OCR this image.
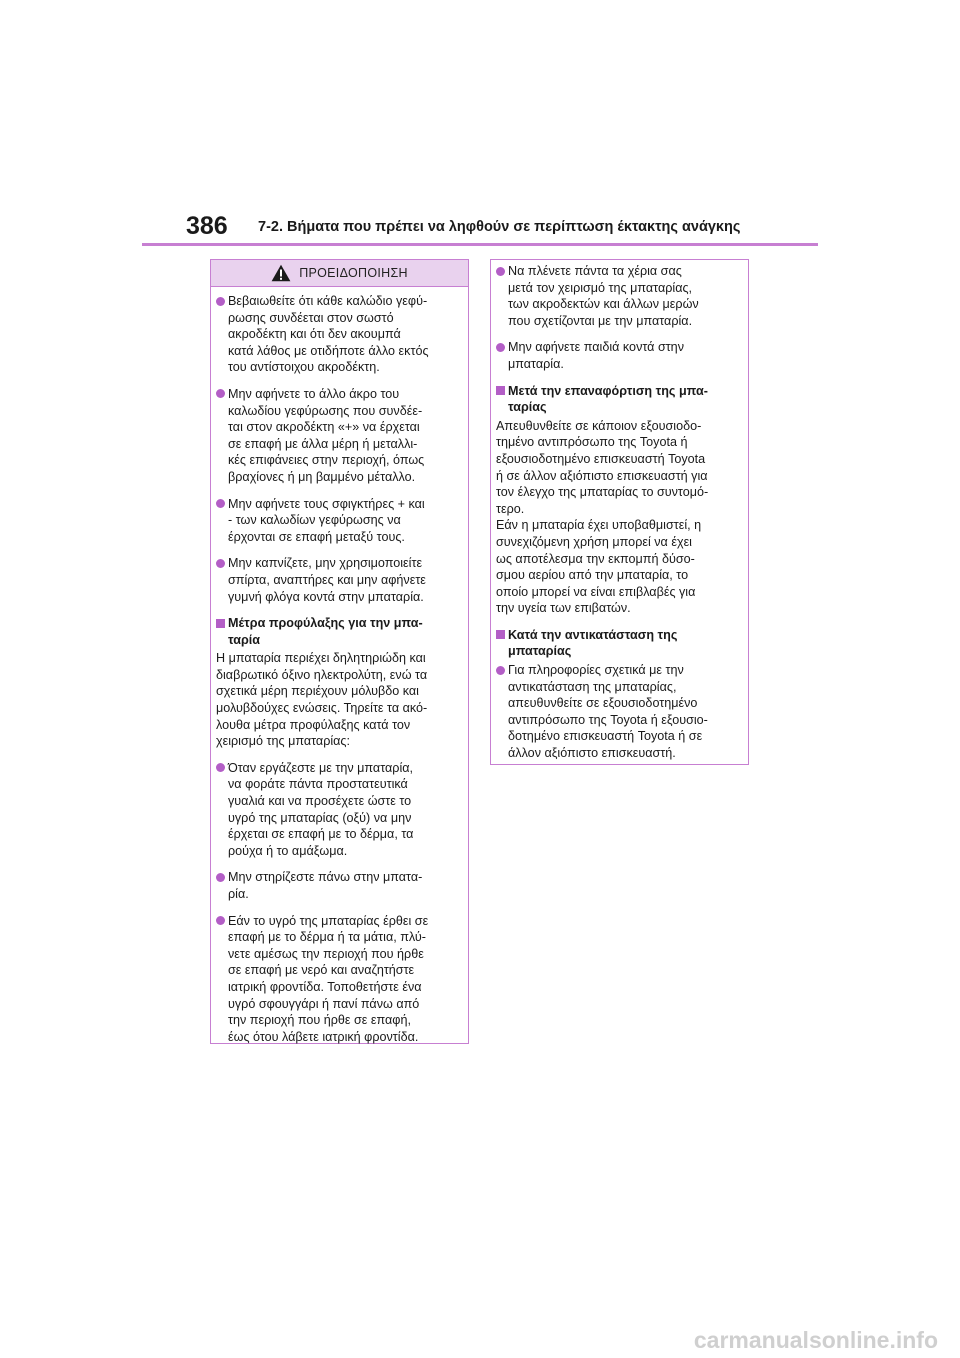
386 7-2. Βήματα που πρέπει να ληφθούν σε περίπτωση έκτακτης ανάγκης
ΠΡΟΕΙΔΟΠΟΙΗΣΗ
Βεβαιωθείτε ότι κάθε καλώδιο γεφύ-
ρωσης συνδέεται στον σωστό
ακροδέκτη και ότι δεν ακουμπά
κατά λάθος με οτιδήποτε άλλο εκτός
του αντίστοιχου ακροδέκτη.
Μην αφήνετε το άλλο άκρο του
καλωδίου γεφύρωσης που συνδέε-
ται στον ακροδέκτη «+» να έρχεται
σε επαφή με άλλα μέρη ή μεταλλι-
κές επιφάνειες στην περιοχή, όπως
βραχίονες ή μη βαμμένο μέταλλο.
Μην αφήνετε τους σφιγκτήρες + και
- των καλωδίων γεφύρωσης να
έρχονται σε επαφή μεταξύ τους.
Μην καπνίζετε, μην χρησιμοποιείτε
σπίρτα, αναπτήρες και μην αφήνετε
γυμνή φλόγα κοντά στην μπαταρία.
Μέτρα προφύλαξης για την μπα-
ταρία
Η μπαταρία περιέχει δηλητηριώδη και
διαβρωτικό όξινο ηλεκτρολύτη, ενώ τα
σχετικά μέρη περιέχουν μόλυβδο και
μολυβδούχες ενώσεις. Τηρείτε τα ακό-
λουθα μέτρα προφύλαξης κατά τον
χειρισμό της μπαταρίας:
Όταν εργάζεστε με την μπαταρία,
να φοράτε πάντα προστατευτικά
γυαλιά και να προσέχετε ώστε το
υγρό της μπαταρίας (οξύ) να μην
έρχεται σε επαφή με το δέρμα, τα
ρούχα ή το αμάξωμα.
Μην στηρίζεστε πάνω στην μπατα-
ρία.
Εάν το υγρό της μπαταρίας έρθει σε
επαφή με το δέρμα ή τα μάτια, πλύ-
νετε αμέσως την περιοχή που ήρθε
σε επαφή με νερό και αναζητήστε
ιατρική φροντίδα. Τοποθετήστε ένα
υγρό σφουγγάρι ή πανί πάνω από
την περιοχή που ήρθε σε επαφή,
έως ότου λάβετε ιατρική φροντίδα.
Να πλένετε πάντα τα χέρια σας
μετά τον χειρισμό της μπαταρίας,
των ακροδεκτών και άλλων μερών
που σχετίζονται με την μπαταρία.
Μην αφήνετε παιδιά κοντά στην
μπαταρία.
Μετά την επαναφόρτιση της μπα-
ταρίας
Απευθυνθείτε σε κάποιον εξουσιοδο-
τημένο αντιπρόσωπο της Toyota ή
εξουσιοδοτημένο επισκευαστή Toyota
ή σε άλλον αξιόπιστο επισκευαστή για
τον έλεγχο της μπαταρίας το συντομό-
τερο.
Εάν η μπαταρία έχει υποβαθμιστεί, η
συνεχιζόμενη χρήση μπορεί να έχει
ως αποτέλεσμα την εκπομπή δύσο-
σμου αερίου από την μπαταρία, το
οποίο μπορεί να είναι επιβλαβές για
την υγεία των επιβατών.
Κατά την αντικατάσταση της
μπαταρίας
Για πληροφορίες σχετικά με την
αντικατάσταση της μπαταρίας,
απευθυνθείτε σε εξουσιοδοτημένο
αντιπρόσωπο της Toyota ή εξουσιο-
δοτημένο επισκευαστή Toyota ή σε
άλλον αξιόπιστο επισκευαστή.
carmanualsonline.info
